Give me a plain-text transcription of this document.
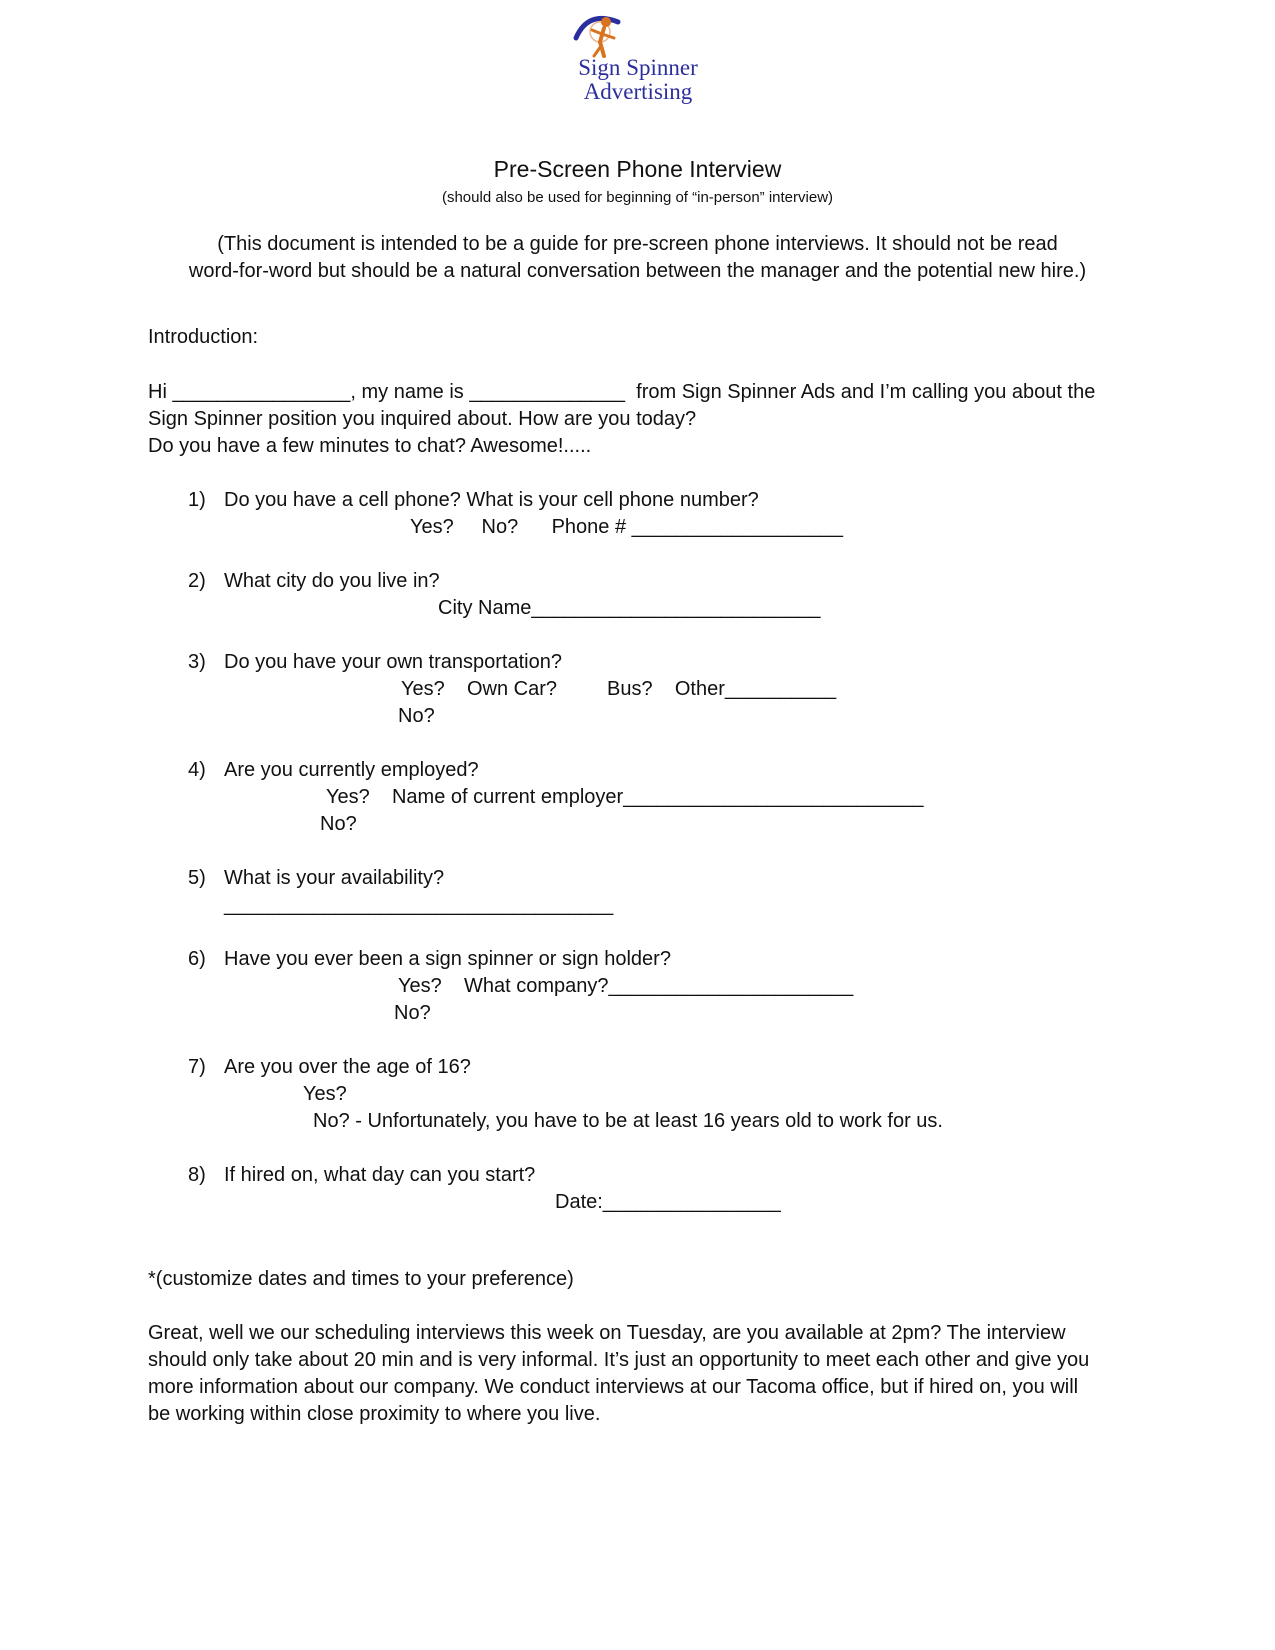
Sign Spinner
Advertising
Pre-Screen Phone Interview
(should also be used for beginning of “in-person” interview)
(This document is intended to be a guide for pre-screen phone interviews. It should not be read
word-for-word but should be a natural conversation between the manager and the potential new hire.)
Introduction:
Hi ________________, my name is ______________  from Sign Spinner Ads and I’m calling you about the
Sign Spinner position you inquired about. How are you today?
Do you have a few minutes to chat? Awesome!.....
1) Do you have a cell phone? What is your cell phone number?
Yes?     No?      Phone # ___________________
2) What city do you live in?
City Name__________________________
3) Do you have your own transportation?
Yes?    Own Car?         Bus?    Other__________
No?
4) Are you currently employed?
Yes?    Name of current employer___________________________
No?
5) What is your availability?
___________________________________
6) Have you ever been a sign spinner or sign holder?
Yes?    What company?______________________
No?
7) Are you over the age of 16?
Yes?
No? - Unfortunately, you have to be at least 16 years old to work for us.
8) If hired on, what day can you start?
Date:________________
*(customize dates and times to your preference)
Great, well we our scheduling interviews this week on Tuesday, are you available at 2pm? The interview
should only take about 20 min and is very informal. It’s just an opportunity to meet each other and give you
more information about our company. We conduct interviews at our Tacoma office, but if hired on, you will
be working within close proximity to where you live.
